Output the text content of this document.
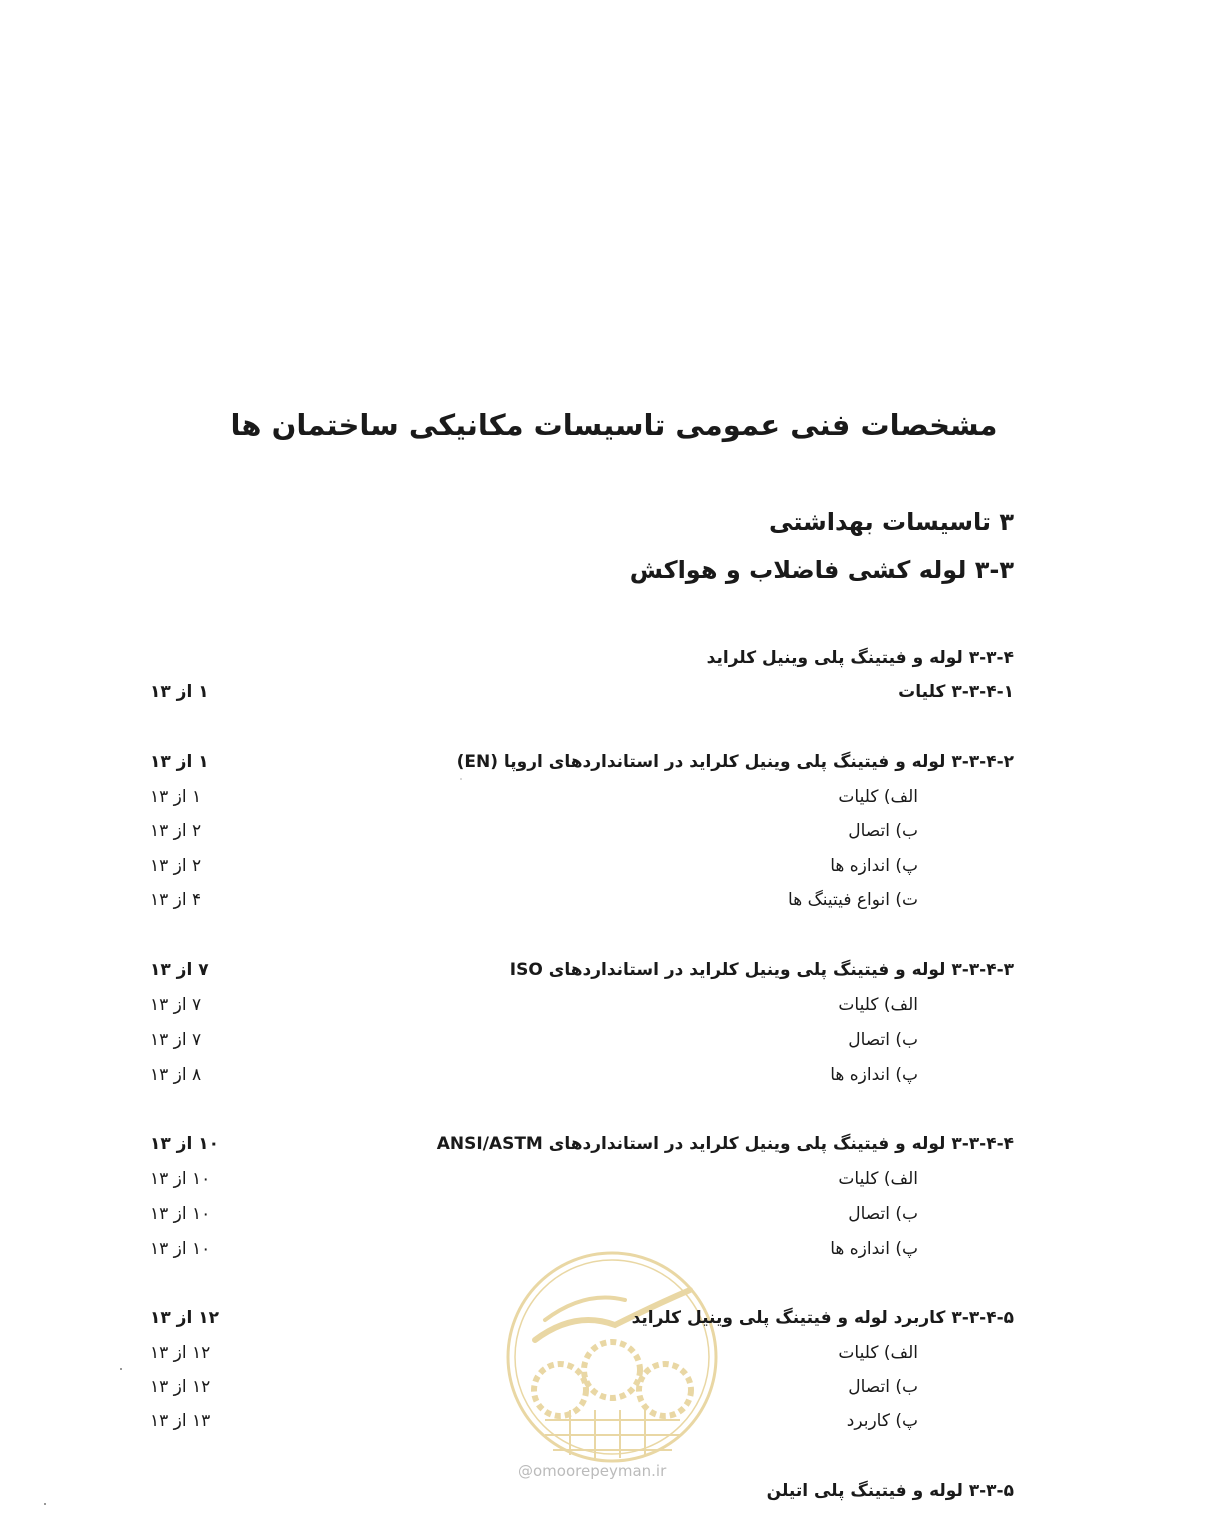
مشخصات فنی عمومی تاسیسات مکانیکی ساختمان ها
۳ تاسیسات بهداشتی
۳-۳ لوله کشی فاضلاب و هواکش
۳-۳-۴ لوله و فیتینگ پلی وینیل کلراید
۳-۳-۴-۱ کلیات
۱ از ۱۳
۳-۳-۴-۲ لوله و فیتینگ پلی وینیل کلراید در استانداردهای اروپا (EN)
۱ از ۱۳
الف) کلیات
۱ از ۱۳
ب) اتصال
۲ از ۱۳
پ) اندازه ها
۲ از ۱۳
ت) انواع فیتینگ ها
۴ از ۱۳
۳-۳-۴-۳ لوله و فیتینگ پلی وینیل کلراید در استانداردهای ISO
۷ از ۱۳
الف) کلیات
۷ از ۱۳
ب) اتصال
۷ از ۱۳
پ) اندازه ها
۸ از ۱۳
۳-۳-۴-۴ لوله و فیتینگ پلی وینیل کلراید در استانداردهای ANSI/ASTM
۱۰ از ۱۳
الف) کلیات
۱۰ از ۱۳
ب) اتصال
۱۰ از ۱۳
پ) اندازه ها
۱۰ از ۱۳
@omoorepeyman.ir
۳-۳-۴-۵ کاربرد لوله و فیتینگ پلی وینیل کلراید
۱۲ از ۱۳
الف) کلیات
۱۲ از ۱۳
ب) اتصال
۱۲ از ۱۳
پ) کاربرد
۱۳ از ۱۳
۳-۳-۵ لوله و فیتینگ پلی اتیلن
